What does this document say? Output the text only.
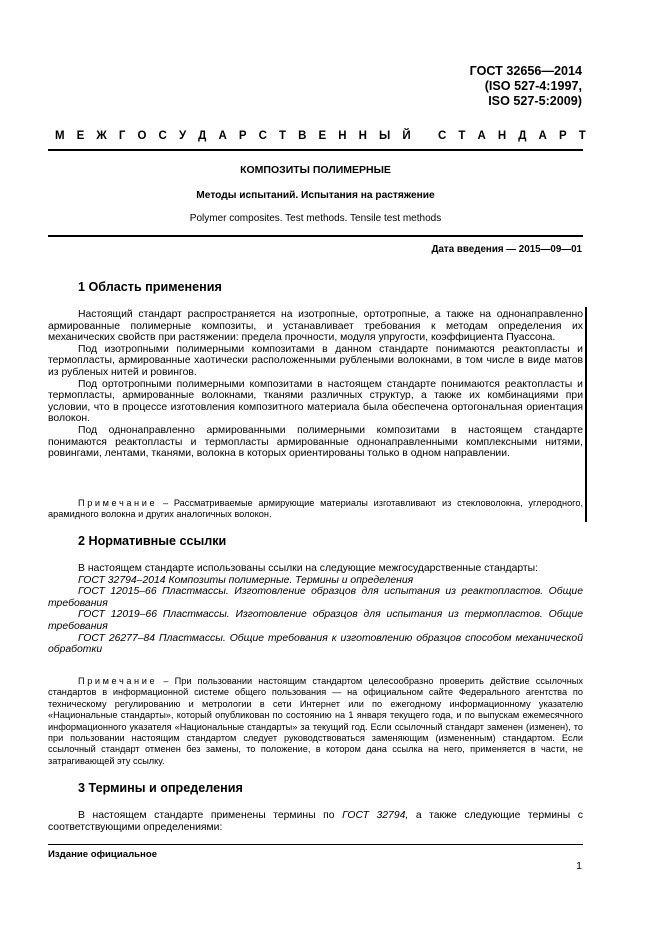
ГОСТ 32656—2014
(ISO 527-4:1997,
ISO 527-5:2009)
М Е Ж Г О С У Д А Р С Т В Е Н Н Ы Й
С Т А Н Д А Р Т
КОМПОЗИТЫ ПОЛИМЕРНЫЕ
Методы испытаний. Испытания на растяжение
Polymer composites. Test methods. Tensile test methods
Дата введения — 2015—09—01
1 Область применения

Настоящий стандарт распространяется на изотропные, ортотропные, а также на однонаправленно армированные полимерные композиты, и устанавливает требования к методам определения их механических свойств при растяжении: предела прочности, модуля упругости, коэффициента Пуассона.

Под изотропными полимерными композитами в данном стандарте понимаются реактопласты и термопласты, армированные хаотически расположенными рублеными волокнами, в том числе в виде матов из рубленых нитей и ровингов.

Под ортотропными полимерными композитами в настоящем стандарте понимаются реактопласты и термопласты, армированные волокнами, тканями различных структур, а также их комбинациями при условии, что в процессе изготовления композитного материала была обеспечена ортогональная ориентация волокон.

Под однонаправленно армированными полимерными композитами в настоящем стандарте понимаются реактопласты и термопласты армированные однонаправленными комплексными нитями, ровингами, лентами, тканями, волокна в которых ориентированы только в одном направлении.

Примечание – Рассматриваемые армирующие материалы изготавливают из стекловолокна, углеродного, арамидного волокна и других аналогичных волокон.

2 Нормативные ссылки

В настоящем стандарте использованы ссылки на следующие межгосударственные стандарты:

ГОСТ 32794–2014 Композиты полимерные. Термины и определения

ГОСТ 12015–66 Пластмассы. Изготовление образцов для испытания из реактопластов. Общие требования

ГОСТ 12019–66 Пластмассы. Изготовление образцов для испытания из термопластов. Общие требования

ГОСТ 26277–84 Пластмассы. Общие требования к изготовлению образцов способом механической обработки

Примечание – При пользовании настоящим стандартом целесообразно проверить действие ссылочных стандартов в информационной системе общего пользования — на официальном сайте Федерального агентства по техническому регулированию и метрологии в сети Интернет или по ежегодному информационному указателю «Национальные стандарты», который опубликован по состоянию на 1 января текущего года, и по выпускам ежемесячного информационного указателя «Национальные стандарты» за текущий год. Если ссылочный стандарт заменен (изменен), то при пользовании настоящим стандартом следует руководствоваться заменяющим (измененным) стандартом. Если ссылочный стандарт отменен без замены, то положение, в котором дана ссылка на него, применяется в части, не затрагивающей эту ссылку.

3 Термины и определения

В настоящем стандарте применены термины по ГОСТ 32794, а также следующие термины с соответствующими определениями:

Издание официальное
1
